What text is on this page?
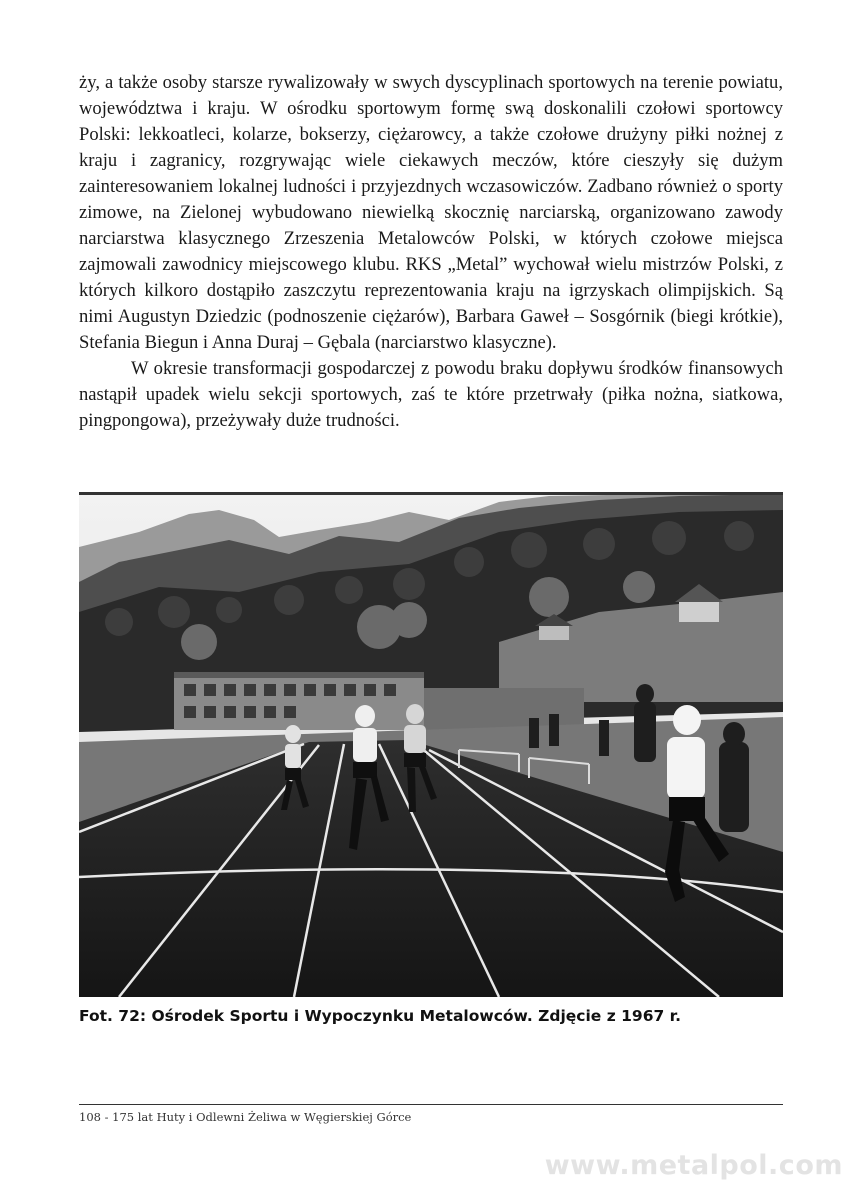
ży, a także osoby starsze rywalizowały w swych dyscyplinach sportowych na terenie powiatu, województwa i kraju. W ośrodku sportowym formę swą doskonalili czołowi sportowcy Polski: lekkoatleci, kolarze, bokserzy, ciężarowcy, a także czołowe drużyny piłki nożnej z kraju i zagranicy, rozgrywając wiele ciekawych meczów, które cieszyły się dużym zainteresowaniem lokalnej ludności i przyjezdnych wczasowiczów. Zadbano również o sporty zimowe, na Zielonej wybudowano niewielką skocznię narciarską, organizowano zawody narciarstwa klasycznego Zrzeszenia Metalowców Polski, w których czołowe miejsca zajmowali zawodnicy miejscowego klubu. RKS „Metal” wychował wielu mistrzów Polski, z których kilkoro dostąpiło zaszczytu reprezentowania kraju na igrzyskach olimpijskich. Są nimi Augustyn Dziedzic (podnoszenie ciężarów), Barbara Gaweł – Sosgórnik (biegi krótkie), Stefania Biegun i Anna Duraj – Gębala (narciarstwo klasyczne).

W okresie transformacji gospodarczej z powodu braku dopływu środków finansowych nastąpił upadek wielu sekcji sportowych, zaś te które przetrwały (piłka nożna, siatkowa, pingpongowa), przeżywały duże trudności.

Fot. 72: Ośrodek Sportu i Wypoczynku Metalowców. Zdjęcie z 1967 r.
108 - 175 lat Huty i Odlewni Żeliwa w Węgierskiej Górce
www.metalpol.com
